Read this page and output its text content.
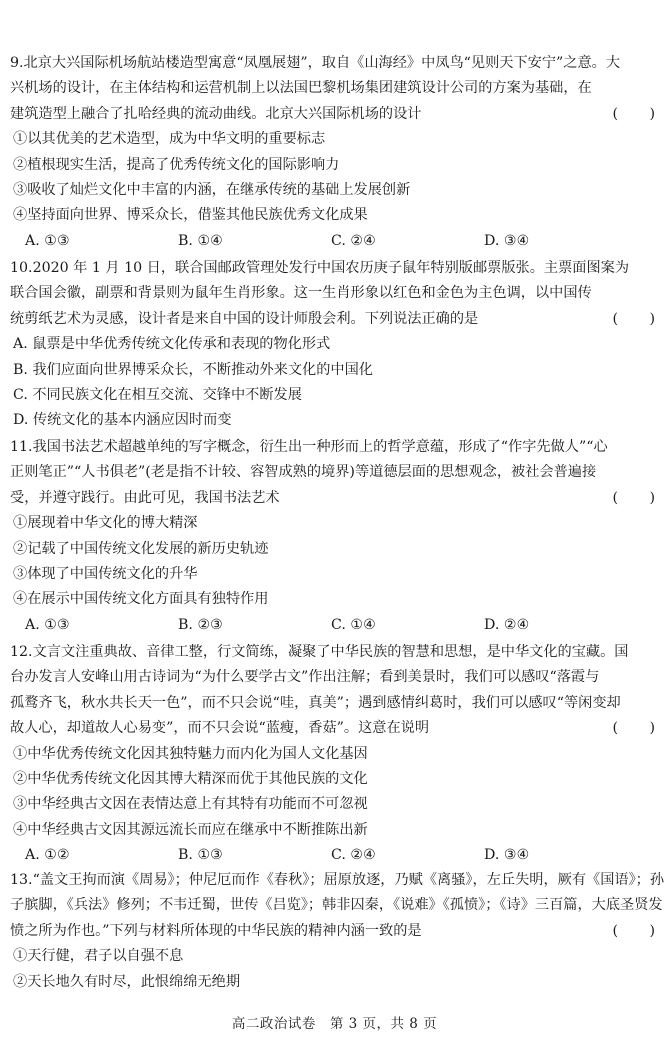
9.北京大兴国际机场航站楼造型寓意“凤凰展翅”，取自《山海经》中凤鸟“见则天下安宁”之意。大
兴机场的设计，在主体结构和运营机制上以法国巴黎机场集团建筑设计公司的方案为基础，在
建筑造型上融合了扎哈经典的流动曲线。北京大兴国际机场的设计	(　　)
①以其优美的艺术造型，成为中华文明的重要标志
②植根现实生活，提高了优秀传统文化的国际影响力
③吸收了灿烂文化中丰富的内涵，在继承传统的基础上发展创新
④坚持面向世界、博采众长，借鉴其他民族优秀文化成果
A. ①③	B. ①④	C. ②④	D. ③④
10.2020 年 1 月 10 日，联合国邮政管理处发行中国农历庚子鼠年特别版邮票版张。主票面图案为
联合国会徽，副票和背景则为鼠年生肖形象。这一生肖形象以红色和金色为主色调，以中国传
统剪纸艺术为灵感，设计者是来自中国的设计师殷会利。下列说法正确的是	(　　)
A. 鼠票是中华优秀传统文化传承和表现的物化形式
B. 我们应面向世界博采众长，不断推动外来文化的中国化
C. 不同民族文化在相互交流、交锋中不断发展
D. 传统文化的基本内涵应因时而变
11.我国书法艺术超越单纯的写字概念，衍生出一种形而上的哲学意蕴，形成了“作字先做人”“心
正则笔正”“人书俱老”(老是指不计较、容智成熟的境界)等道德层面的思想观念，被社会普遍接
受，并遵守践行。由此可见，我国书法艺术	(　　)
①展现着中华文化的博大精深
②记载了中国传统文化发展的新历史轨迹
③体现了中国传统文化的升华
④在展示中国传统文化方面具有独特作用
A. ①③	B. ②③	C. ①④	D. ②④
12.文言文注重典故、音律工整，行文简练，凝聚了中华民族的智慧和思想，是中华文化的宝藏。国
台办发言人安峰山用古诗词为“为什么要学古文”作出注解；看到美景时，我们可以感叹“落霞与
孤鹜齐飞，秋水共长天一色”，而不只会说“哇，真美”；遇到感情纠葛时，我们可以感叹“等闲变却
故人心，却道故人心易变”，而不只会说“蓝瘦，香菇”。这意在说明	(　　)
①中华优秀传统文化因其独特魅力而内化为国人文化基因
②中华优秀传统文化因其博大精深而优于其他民族的文化
③中华经典古文因在表情达意上有其特有功能而不可忽视
④中华经典古文因其源远流长而应在继承中不断推陈出新
A. ①②	B. ①③	C. ②④	D. ③④
13.“盖文王拘而演《周易》；仲尼厄而作《春秋》；屈原放逐，乃赋《离骚》，左丘失明，厥有《国语》；孙
子膑脚，《兵法》修列；不韦迁蜀，世传《吕览》；韩非囚秦，《说难》《孤愤》；《诗》三百篇，大底圣贤发
愤之所为作也。”下列与材料所体现的中华民族的精神内涵一致的是	(　　)
①天行健，君子以自强不息
②天长地久有时尽，此恨绵绵无绝期
高二政治试卷　第 3 页，共 8 页
